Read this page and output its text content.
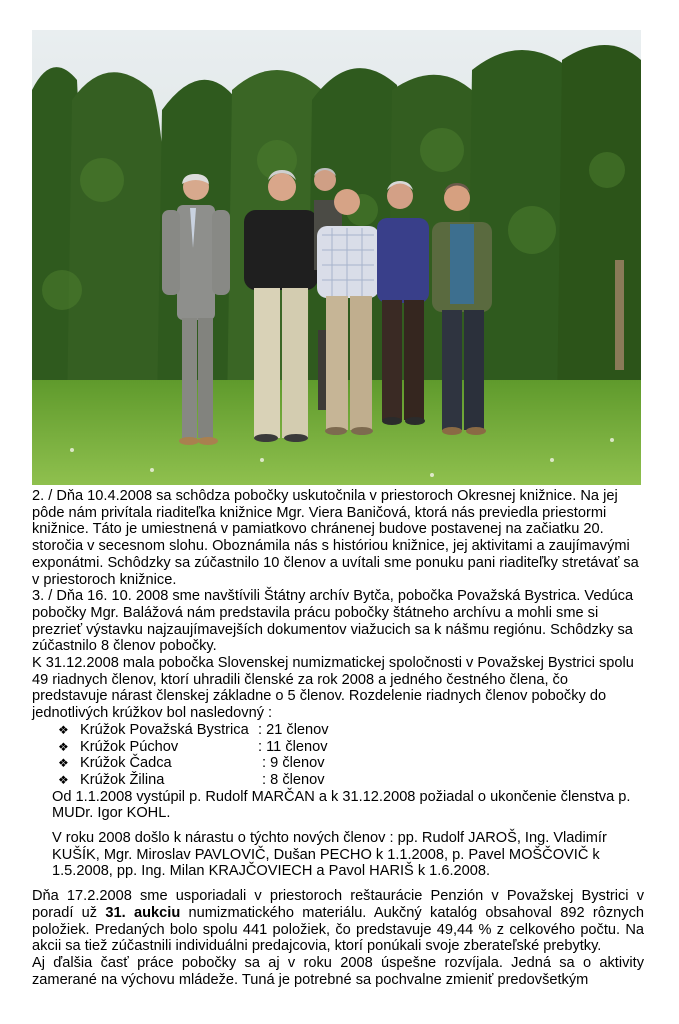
2. / Dňa 10.4.2008 sa schôdza pobočky uskutočnila v priestoroch Okresnej knižnice. Na jej pôde nám privítala riaditeľka knižnice Mgr. Viera Baničová, ktorá nás previedla priestormi knižnice. Táto je umiestnená v pamiatkovo chránenej budove postavenej na začiatku 20. storočia v secesnom slohu. Oboznámila nás s históriou knižnice, jej aktivitami a zaujímavými exponátmi. Schôdzky sa zúčastnilo 10 členov a uvítali sme ponuku pani riaditeľky stretávať sa v priestoroch knižnice.

3. / Dňa 16. 10. 2008 sme navštívili Štátny archív Bytča, pobočka Považská Bystrica. Vedúca pobočky Mgr. Balážová nám predstavila prácu pobočky štátneho archívu a mohli sme si prezrieť výstavku najzaujímavejších dokumentov viažucich sa k nášmu regiónu. Schôdzky sa zúčastnilo 8 členov pobočky.

K 31.12.2008 mala pobočka Slovenskej numizmatickej spoločnosti v Považskej Bystrici spolu 49 riadnych členov, ktorí uhradili členské za rok 2008 a jedného čestného člena, čo predstavuje nárast členskej základne o 5 členov. Rozdelenie riadnych členov pobočky do jednotlivých krúžkov bol nasledovný :

❖ Krúžok Považská Bystrica : 21 členov
❖ Krúžok Púchov	: 11 členov
❖ Krúžok Čadca	: 9 členov
❖ Krúžok Žilina	: 8 členov

Od 1.1.2008 vystúpil p. Rudolf MARČAN a k 31.12.2008 požiadal o ukončenie členstva p. MUDr. Igor KOHL.

V roku 2008 došlo k nárastu o týchto nových členov : pp. Rudolf JAROŠ, Ing. Vladimír KUŠÍK, Mgr. Miroslav PAVLOVIČ, Dušan PECHO k 1.1.2008, p. Pavel MOŠČOVIČ k 1.5.2008, pp. Ing. Milan KRAJČOVIECH a Pavol HARIŠ k 1.6.2008.

Dňa 17.2.2008 sme usporiadali v priestoroch reštaurácie Penzión v Považskej Bystrici v poradí už 31. aukciu numizmatického materiálu. Aukčný katalóg obsahoval 892 rôznych položiek. Predaných bolo spolu 441 položiek, čo predstavuje 49,44 % z celkového počtu. Na akcii sa tiež zúčastnili individuálni predajcovia, ktorí ponúkali svoje zberateľské prebytky.

Aj ďalšia časť práce pobočky sa aj v roku 2008 úspešne rozvíjala. Jedná sa o aktivity zamerané na výchovu mládeže. Tuná je potrebné sa pochvalne zmieniť predovšetkým
